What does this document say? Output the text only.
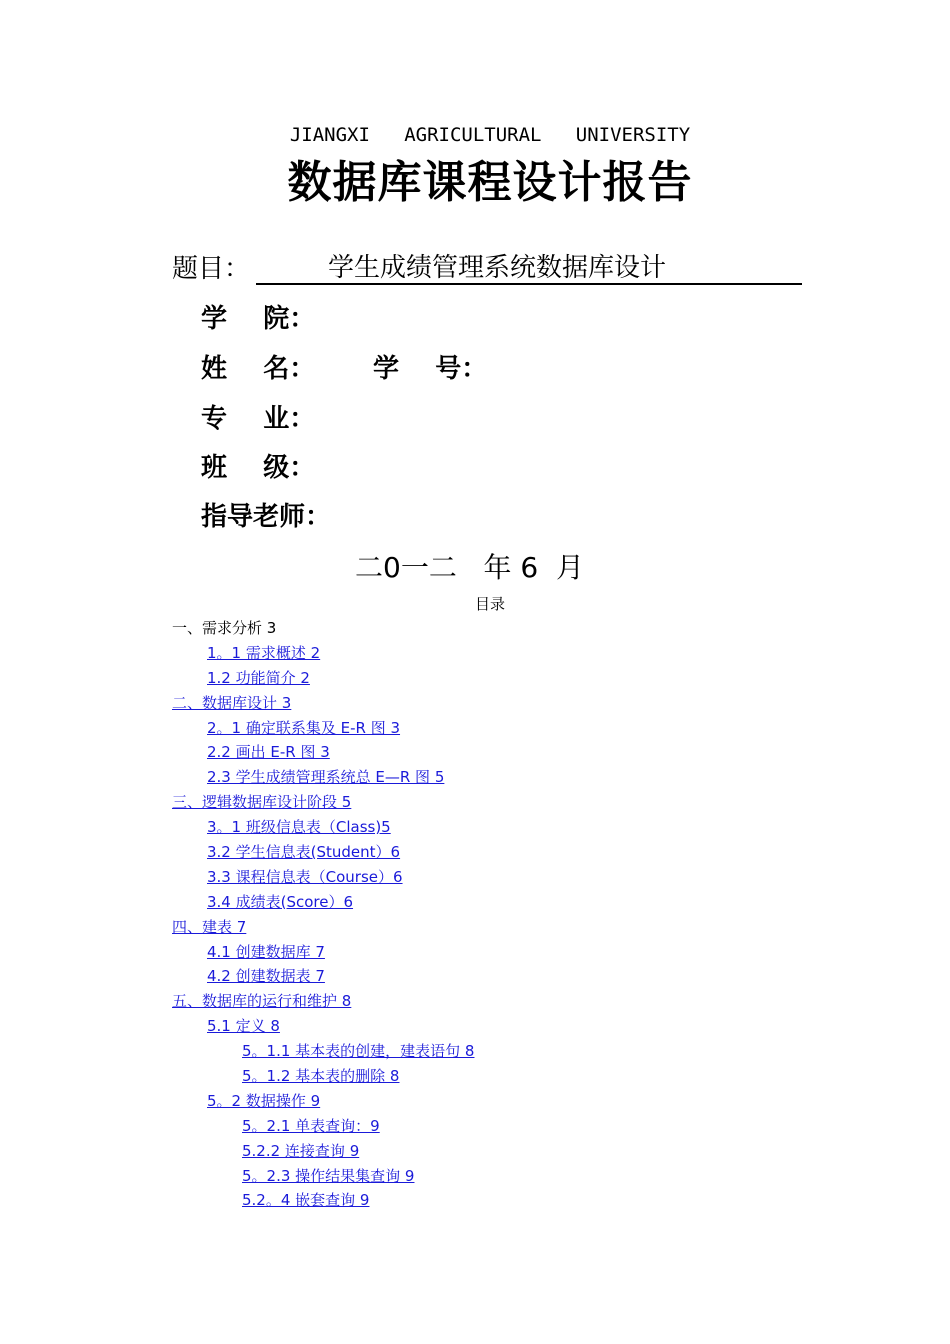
JIANGXI   AGRICULTURAL   UNIVERSITY
数据库课程设计报告
题目：	学生成绩管理系统数据库设计
学    院：
姓    名： 学    号：
专    业：
班    级：
指导老师：
二0一二   年 6  月
目录
一、需求分析 3
1。1 需求概述 2
1.2 功能简介 2
二、数据库设计 3
2。1 确定联系集及 E-R 图 3
2.2 画出 E-R 图 3
2.3 学生成绩管理系统总 E—R 图 5
三、逻辑数据库设计阶段 5
3。1 班级信息表（Class)5
3.2 学生信息表(Student）6
3.3 课程信息表（Course）6
3.4 成绩表(Score）6
四、建表 7
4.1 创建数据库 7
4.2 创建数据表 7
五、数据库的运行和维护 8
5.1 定义 8
5。1.1 基本表的创建，建表语句 8
5。1.2 基本表的删除 8
5。2 数据操作 9
5。2.1 单表查询：9
5.2.2 连接查询 9
5。2.3 操作结果集查询 9
5.2。4 嵌套查询 9
